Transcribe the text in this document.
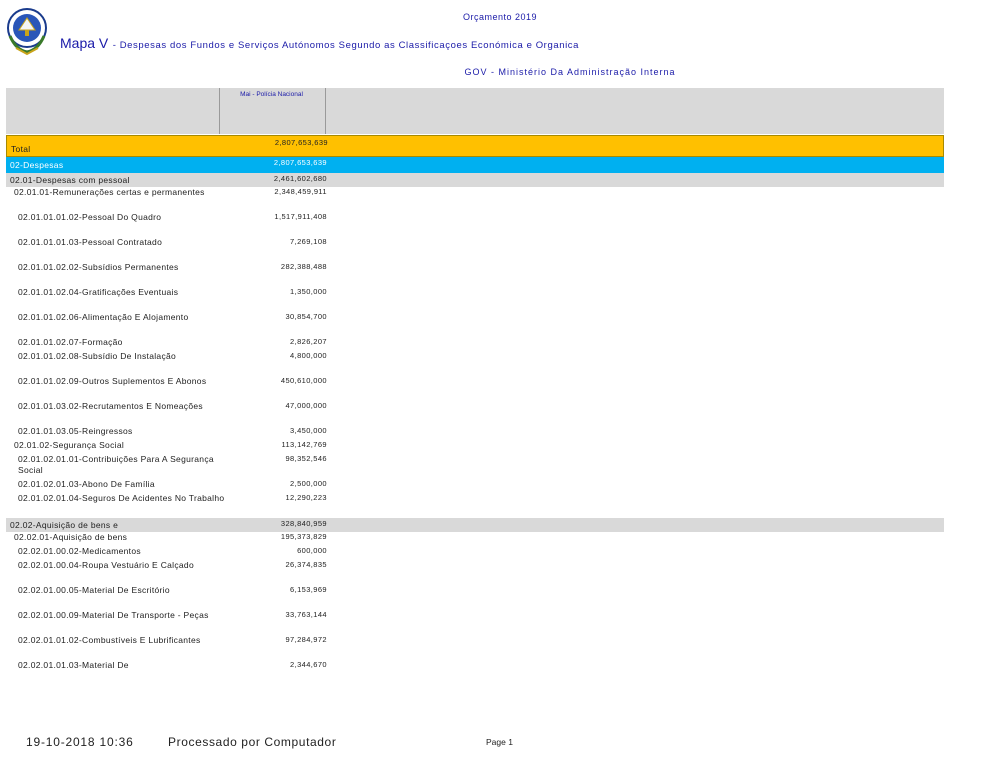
Orçamento 2019
Mapa V - Despesas dos Fundos e Serviços Autónomos Segundo as Classificaçoes Económica e Organica
GOV - Ministério Da Administração Interna
Mai - Polícia Nacional
Total
2,807,653,639
02-Despesas	2,807,653,639
02.01-Despesas com pessoal	2,461,602,680
02.01.01-Remunerações certas e permanentes	2,348,459,911
02.01.01.01.02-Pessoal Do Quadro	1,517,911,408
02.01.01.01.03-Pessoal Contratado	7,269,108
02.01.01.02.02-Subsídios Permanentes	282,388,488
02.01.01.02.04-Gratificações Eventuais	1,350,000
02.01.01.02.06-Alimentação E Alojamento	30,854,700
02.01.01.02.07-Formação	2,826,207
02.01.01.02.08-Subsídio De Instalação	4,800,000
02.01.01.02.09-Outros Suplementos E Abonos	450,610,000
02.01.01.03.02-Recrutamentos E Nomeações	47,000,000
02.01.01.03.05-Reingressos	3,450,000
02.01.02-Segurança Social	113,142,769
02.01.02.01.01-Contribuições Para A Segurança Social
98,352,546
02.01.02.01.03-Abono De Família	2,500,000
02.01.02.01.04-Seguros De Acidentes No Trabalho	12,290,223
02.02-Aquisição de bens e	328,840,959
02.02.01-Aquisição de bens	195,373,829
02.02.01.00.02-Medicamentos	600,000
02.02.01.00.04-Roupa Vestuário E Calçado	26,374,835
02.02.01.00.05-Material De Escritório	6,153,969
02.02.01.00.09-Material De Transporte - Peças	33,763,144
02.02.01.01.02-Combustíveis E Lubrificantes	97,284,972
02.02.01.01.03-Material De	2,344,670
19-10-2018 10:36	Processado por Computador	Page 1
